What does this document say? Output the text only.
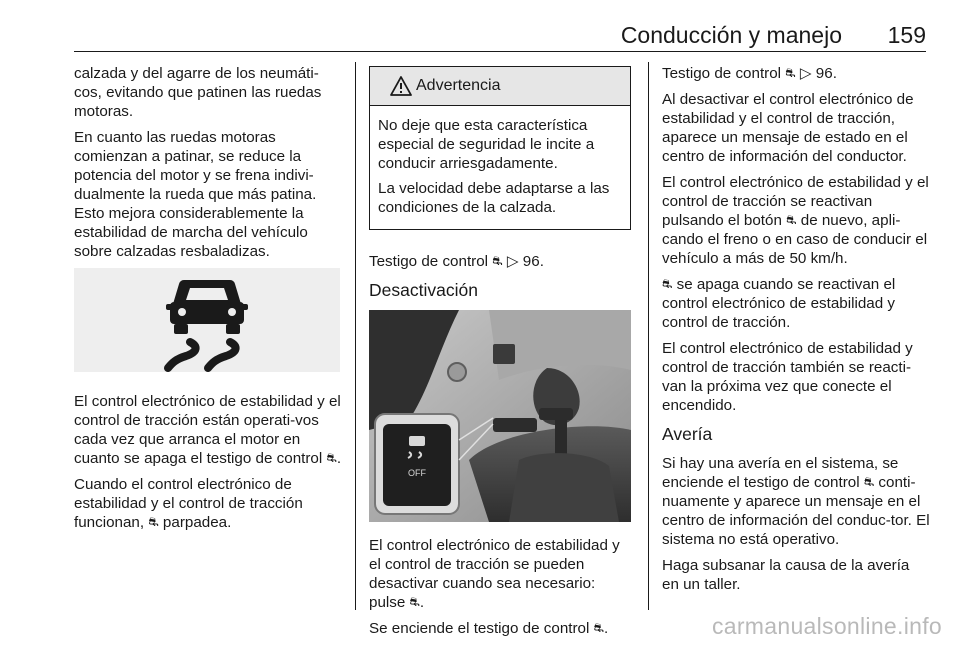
Conducción y manejo 159

calzada y del agarre de los neumáti-cos, evitando que patinen las ruedas motoras.

En cuanto las ruedas motoras comienzan a patinar, se reduce la potencia del motor y se frena indivi-dualmente la rueda que más patina. Esto mejora considerablemente la estabilidad de marcha del vehículo sobre calzadas resbaladizas.

El control electrónico de estabilidad y el control de tracción están operati-vos cada vez que arranca el motor en cuanto se apaga el testigo de control ⛐.

Cuando el control electrónico de estabilidad y el control de tracción funcionan, ⛐ parpadea.

Advertencia

No deje que esta característica especial de seguridad le incite a conducir arriesgadamente.

La velocidad debe adaptarse a las condiciones de la calzada.

Testigo de control ⛐ ▷ 96.

Desactivación
OFF

El control electrónico de estabilidad y el control de tracción se pueden desactivar cuando sea necesario: pulse ⛐.

Se enciende el testigo de control ⛐.

Testigo de control ⛐ ▷ 96.

Al desactivar el control electrónico de estabilidad y el control de tracción, aparece un mensaje de estado en el centro de información del conductor.

El control electrónico de estabilidad y el control de tracción se reactivan pulsando el botón ⛐ de nuevo, apli-cando el freno o en caso de conducir el vehículo a más de 50 km/h.

⛐ se apaga cuando se reactivan el control electrónico de estabilidad y control de tracción.

El control electrónico de estabilidad y control de tracción también se reacti-van la próxima vez que conecte el encendido.

Avería

Si hay una avería en el sistema, se enciende el testigo de control ⛐ conti-nuamente y aparece un mensaje en el centro de información del conduc-tor. El sistema no está operativo.

Haga subsanar la causa de la avería en un taller.

carmanualsonline.info
